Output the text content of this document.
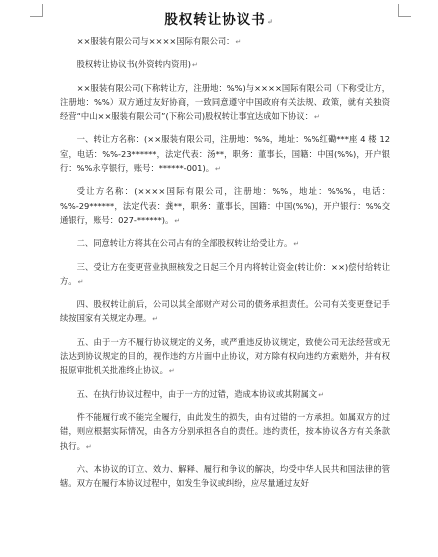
股权转让协议书↵

××服装有限公司与××××国际有限公司：↵

股权转让协议书(外资转内资用)↵

××服装有限公司(下称转让方，注册地：%%)与××××国际有限公司（下称受让方，注册地：%%）双方通过友好协商，一致同意遵守中国政府有关法规、政策，就有关独资经营“中山××服装有限公司”(下称公司)股权转让事宜达成如下协议：↵

一、转让方名称：(××服装有限公司，注册地：%%，地址：%%红磡***座 4 楼 12 室，电话：%%-23******，法定代表：汤**，职务：董事长，国籍：中国(%%)，开户银行：%%永亨银行，账号：******-001)。↵

受让方名称：(××××国际有限公司，注册地：%%，地址：%%%，电话：%%-29******，法定代表：龚**，职务：董事长，国籍：中国(%%)，开户银行：%%交通银行，账号：027-******)。↵

二、同意转让方将其在公司占有的全部股权转让给受让方。↵

三、受让方在变更营业执照核发之日起三个月内将转让资金(转让价：××)偿付给转让方。↵

四、股权转让前后，公司以其全部财产对公司的债务承担责任。公司有关变更登记手续按国家有关规定办理。↵

五、由于一方不履行协议规定的义务，或严重违反协议规定，致使公司无法经营或无法达到协议规定的目的，视作违约方片面中止协议，对方除有权向违约方索赔外，并有权报原审批机关批准终止协议。↵

五、在执行协议过程中，由于一方的过错，造成本协议或其附属文↵

件不能履行或不能完全履行，由此发生的损失，由有过错的一方承担。如属双方的过错，则应根据实际情况，由各方分别承担各自的责任。违约责任，按本协议各方有关条款执行。↵

六、本协议的订立、效力、解释、履行和争议的解决，均受中华人民共和国法律的管辖。双方在履行本协议过程中，如发生争议或纠纷，应尽量通过友好
